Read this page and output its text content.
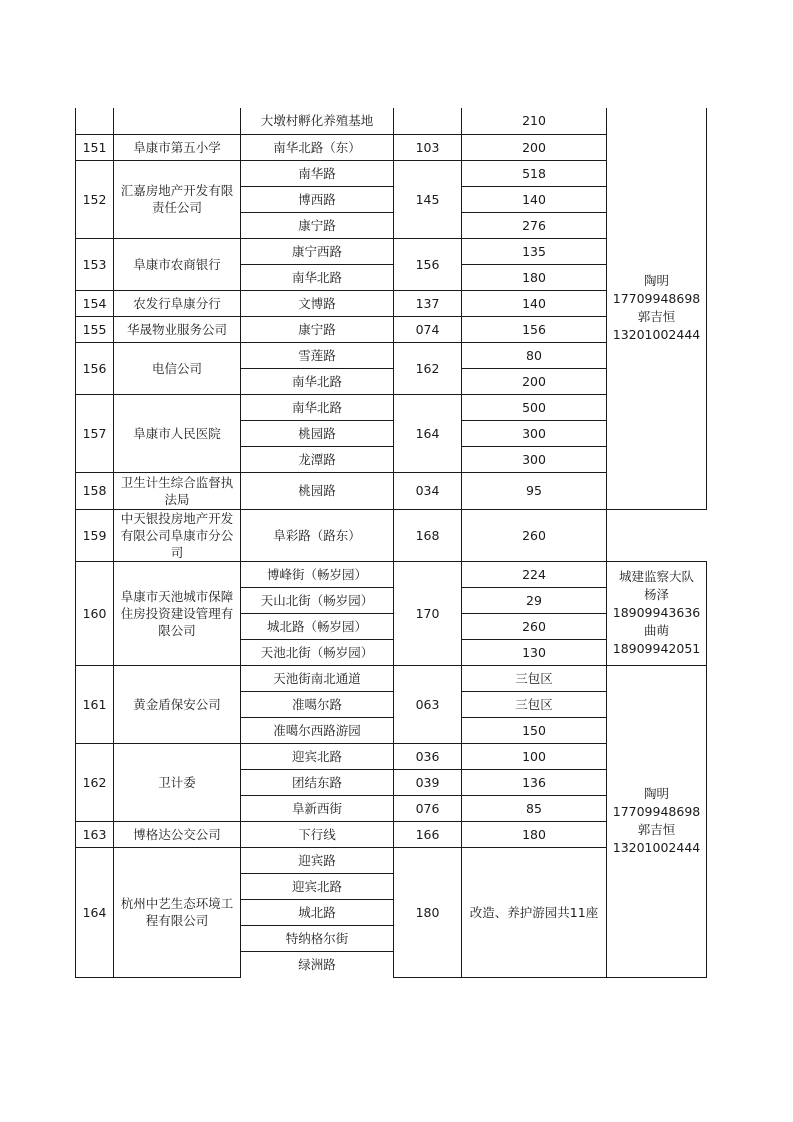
		大墩村孵化养殖基地		210	陶明
17709948698
郭吉恒
13201002444

151	阜康市第五小学	南华北路（东）	103	200	
152	汇嘉房地产开发有限责任公司	南华路	145	518	
		博西路		140	
		康宁路		276	
153	阜康市农商银行	康宁西路	156	135	
		南华北路		180	
154	农发行阜康分行	文博路	137	140	
155	华晟物业服务公司	康宁路	074	156	
156	电信公司	雪莲路	162	80	
		南华北路		200	
157	阜康市人民医院	南华北路	164	500	
		桃园路		300	
		龙潭路		300	
158	卫生计生综合监督执法局	桃园路	034	95	
159	中天银投房地产开发有限公司阜康市分公司	阜彩路（路东）	168	260	
160	阜康市天池城市保障住房投资建设管理有限公司	博峰街（畅岁园）	170	224	城建监察大队
杨泽
18909943636
曲萌
18909942051

		天山北街（畅岁园）		29	
		城北路（畅岁园）		260	
		天池北街（畅岁园）		130	
161	黄金盾保安公司	天池街南北通道	063	三包区	陶明
17709948698
郭吉恒
13201002444

		准噶尔路		三包区	
		准噶尔西路游园		150	
162	卫计委	迎宾北路	036	100	
		团结东路	039	136	
		阜新西街	076	85	
163	博格达公交公司	下行线	166	180	
164	杭州中艺生态环境工程有限公司	迎宾路	180	改造、养护游园共11座	
		迎宾北路			
		城北路			
		特纳格尔街			
		绿洲路			
